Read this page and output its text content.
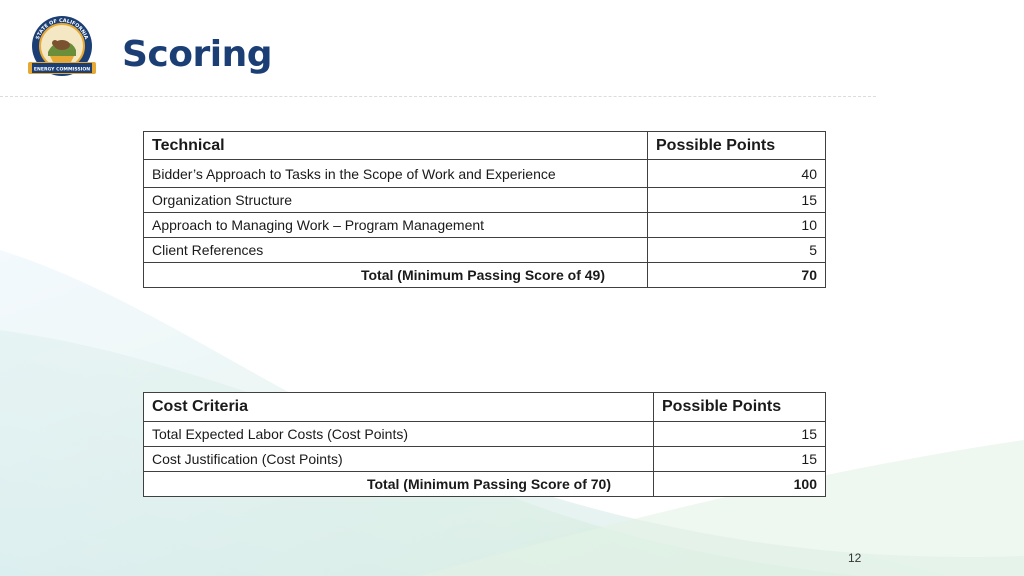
ENERGY COMMISSION
STATE OF CALIFORNIA Scoring
Technical	Possible Points
Bidder’s Approach to Tasks in the Scope of Work and Experience	40
Organization Structure	15
Approach to Managing Work – Program Management	10
Client References	5
Total (Minimum Passing Score of 49)	70
Cost Criteria	Possible Points
Total Expected Labor Costs (Cost Points)	15
Cost Justification (Cost Points)	15
Total (Minimum Passing Score of 70)	100
12
